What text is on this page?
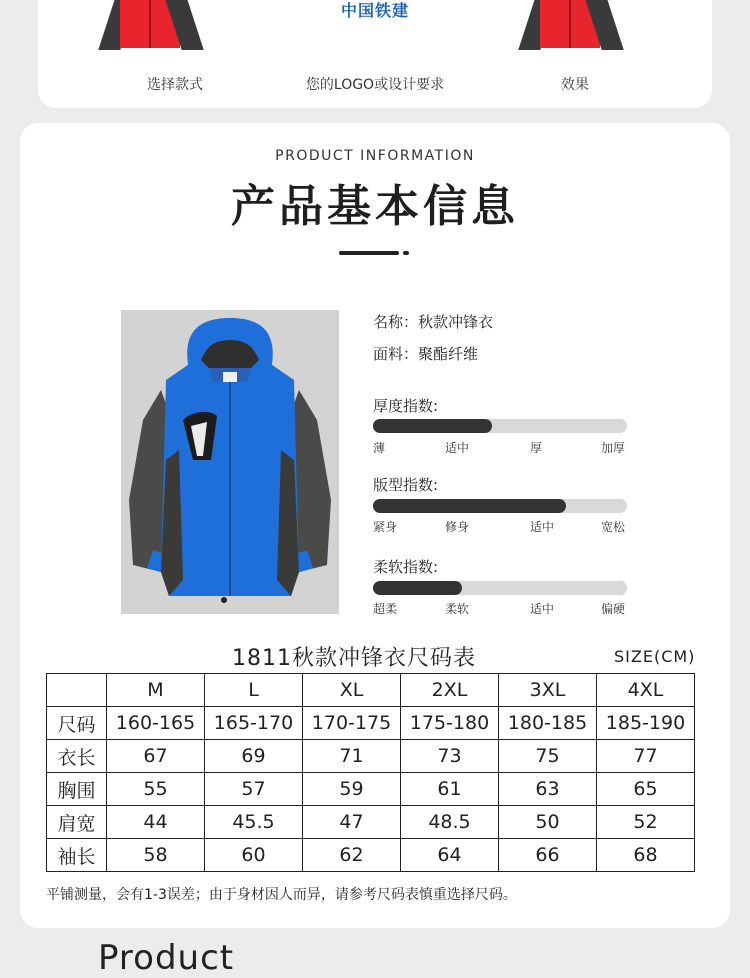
中国铁建
选择款式	您的LOGO或设计要求	效果
PRODUCT INFORMATION
产品基本信息
名称：秋款冲锋衣
面料：聚酯纤维
厚度指数:
薄	适中	厚	加厚
版型指数:
紧身	修身	适中	宽松
柔软指数:
超柔	柔软	适中	偏硬
1811秋款冲锋衣尺码表	SIZE(CM)
	M	L	XL	2XL	3XL	4XL
尺码	160-165	165-170	170-175	175-180	180-185	185-190
衣长	67	69	71	73	75	77
胸围	55	57	59	61	63	65
肩宽	44	45.5	47	48.5	50	52
袖长	58	60	62	64	66	68
平铺测量，会有1-3误差；由于身材因人而异，请参考尺码表慎重选择尺码。
Product
